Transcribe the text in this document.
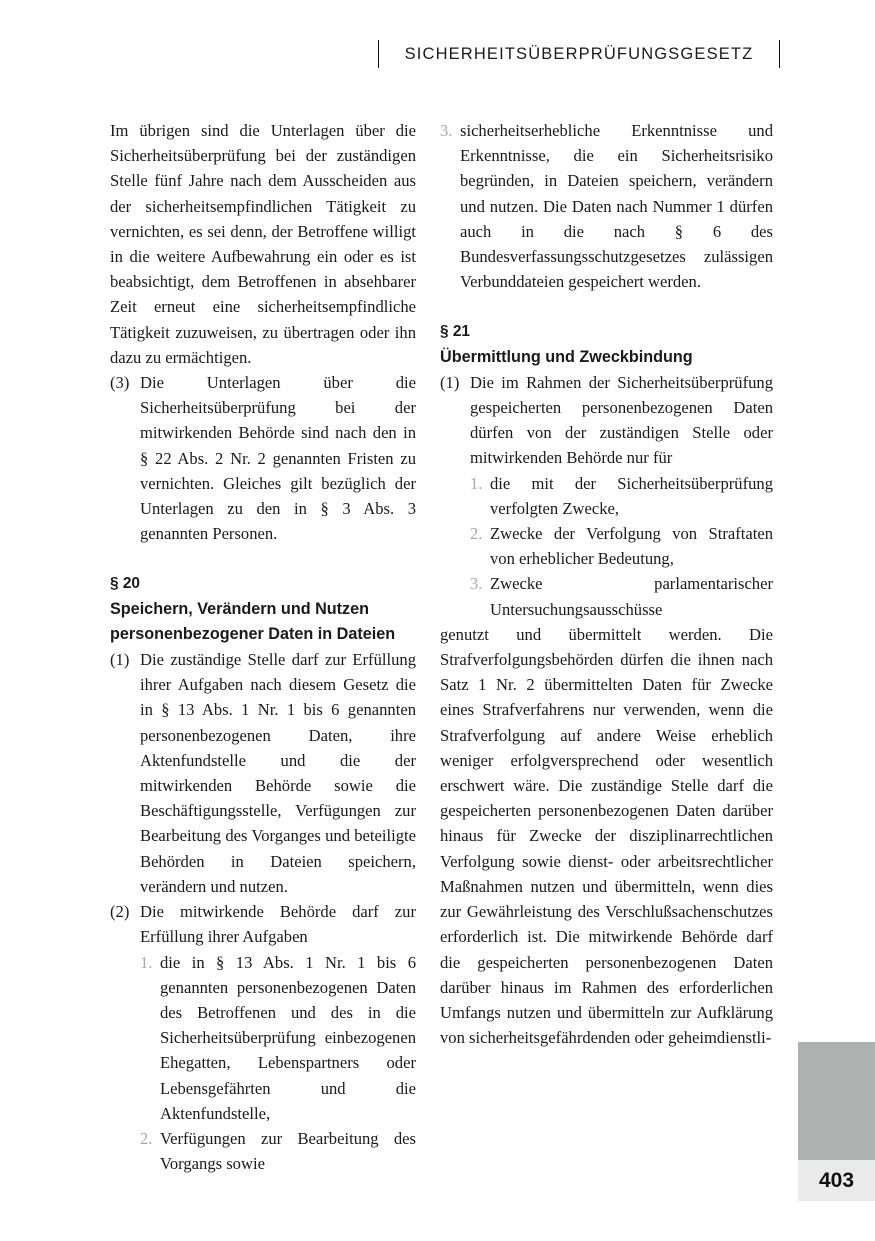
SICHERHEITSÜBERPRÜFUNGSGESETZ

Im übrigen sind die Unterlagen über die Sicherheitsüberprüfung bei der zuständigen Stelle fünf Jahre nach dem Ausscheiden aus der sicherheitsempfindlichen Tätigkeit zu vernichten, es sei denn, der Betroffene willigt in die weitere Aufbewahrung ein oder es ist beabsichtigt, dem Betroffenen in absehbarer Zeit erneut eine sicherheitsempfindliche Tätigkeit zuzuweisen, zu übertragen oder ihn dazu zu ermächtigen.

(3) Die Unterlagen über die Sicherheitsüberprüfung bei der mitwirkenden Behörde sind nach den in § 22 Abs. 2 Nr. 2 genannten Fristen zu vernichten. Gleiches gilt bezüglich der Unterlagen zu den in § 3 Abs. 3 genannten Personen.
§ 20
Speichern, Verändern und Nutzen personenbezogener Daten in Dateien
(1) Die zuständige Stelle darf zur Erfüllung ihrer Aufgaben nach diesem Gesetz die in § 13 Abs. 1 Nr. 1 bis 6 genannten personenbezogenen Daten, ihre Aktenfundstelle und die der mitwirkenden Behörde sowie die Beschäftigungsstelle, Verfügungen zur Bearbeitung des Vorganges und beteiligte Behörden in Dateien speichern, verändern und nutzen.
(2) Die mitwirkende Behörde darf zur Erfüllung ihrer Aufgaben
1. die in § 13 Abs. 1 Nr. 1 bis 6 genannten personenbezogenen Daten des Betroffenen und des in die Sicherheitsüberprüfung einbezogenen Ehegatten, Lebenspartners oder Lebensgefährten und die Aktenfundstelle,
2. Verfügungen zur Bearbeitung des Vorgangs sowie
3. sicherheitserhebliche Erkenntnisse und Erkenntnisse, die ein Sicherheitsrisiko begründen, in Dateien speichern, verändern und nutzen. Die Daten nach Nummer 1 dürfen auch in die nach § 6 des Bundesverfassungsschutzgesetzes zulässigen Verbunddateien gespeichert werden.
§ 21
Übermittlung und Zweckbindung
(1) Die im Rahmen der Sicherheitsüberprüfung gespeicherten personenbezogenen Daten dürfen von der zuständigen Stelle oder mitwirkenden Behörde nur für
1. die mit der Sicherheitsüberprüfung verfolgten Zwecke,
2. Zwecke der Verfolgung von Straftaten von erheblicher Bedeutung,
3. Zwecke parlamentarischer Untersuchungsausschüsse

genutzt und übermittelt werden. Die Strafverfolgungsbehörden dürfen die ihnen nach Satz 1 Nr. 2 übermittelten Daten für Zwecke eines Strafverfahrens nur verwenden, wenn die Strafverfolgung auf andere Weise erheblich weniger erfolgversprechend oder wesentlich erschwert wäre. Die zuständige Stelle darf die gespeicherten personenbezogenen Daten darüber hinaus für Zwecke der disziplinarrechtlichen Verfolgung sowie dienst- oder arbeitsrechtlicher Maßnahmen nutzen und übermitteln, wenn dies zur Gewährleistung des Verschlußsachenschutzes erforderlich ist. Die mitwirkende Behörde darf die gespeicherten personenbezogenen Daten darüber hinaus im Rahmen des erforderlichen Umfangs nutzen und übermitteln zur Aufklärung von sicherheitsgefährdenden oder geheimdienstli-

403
